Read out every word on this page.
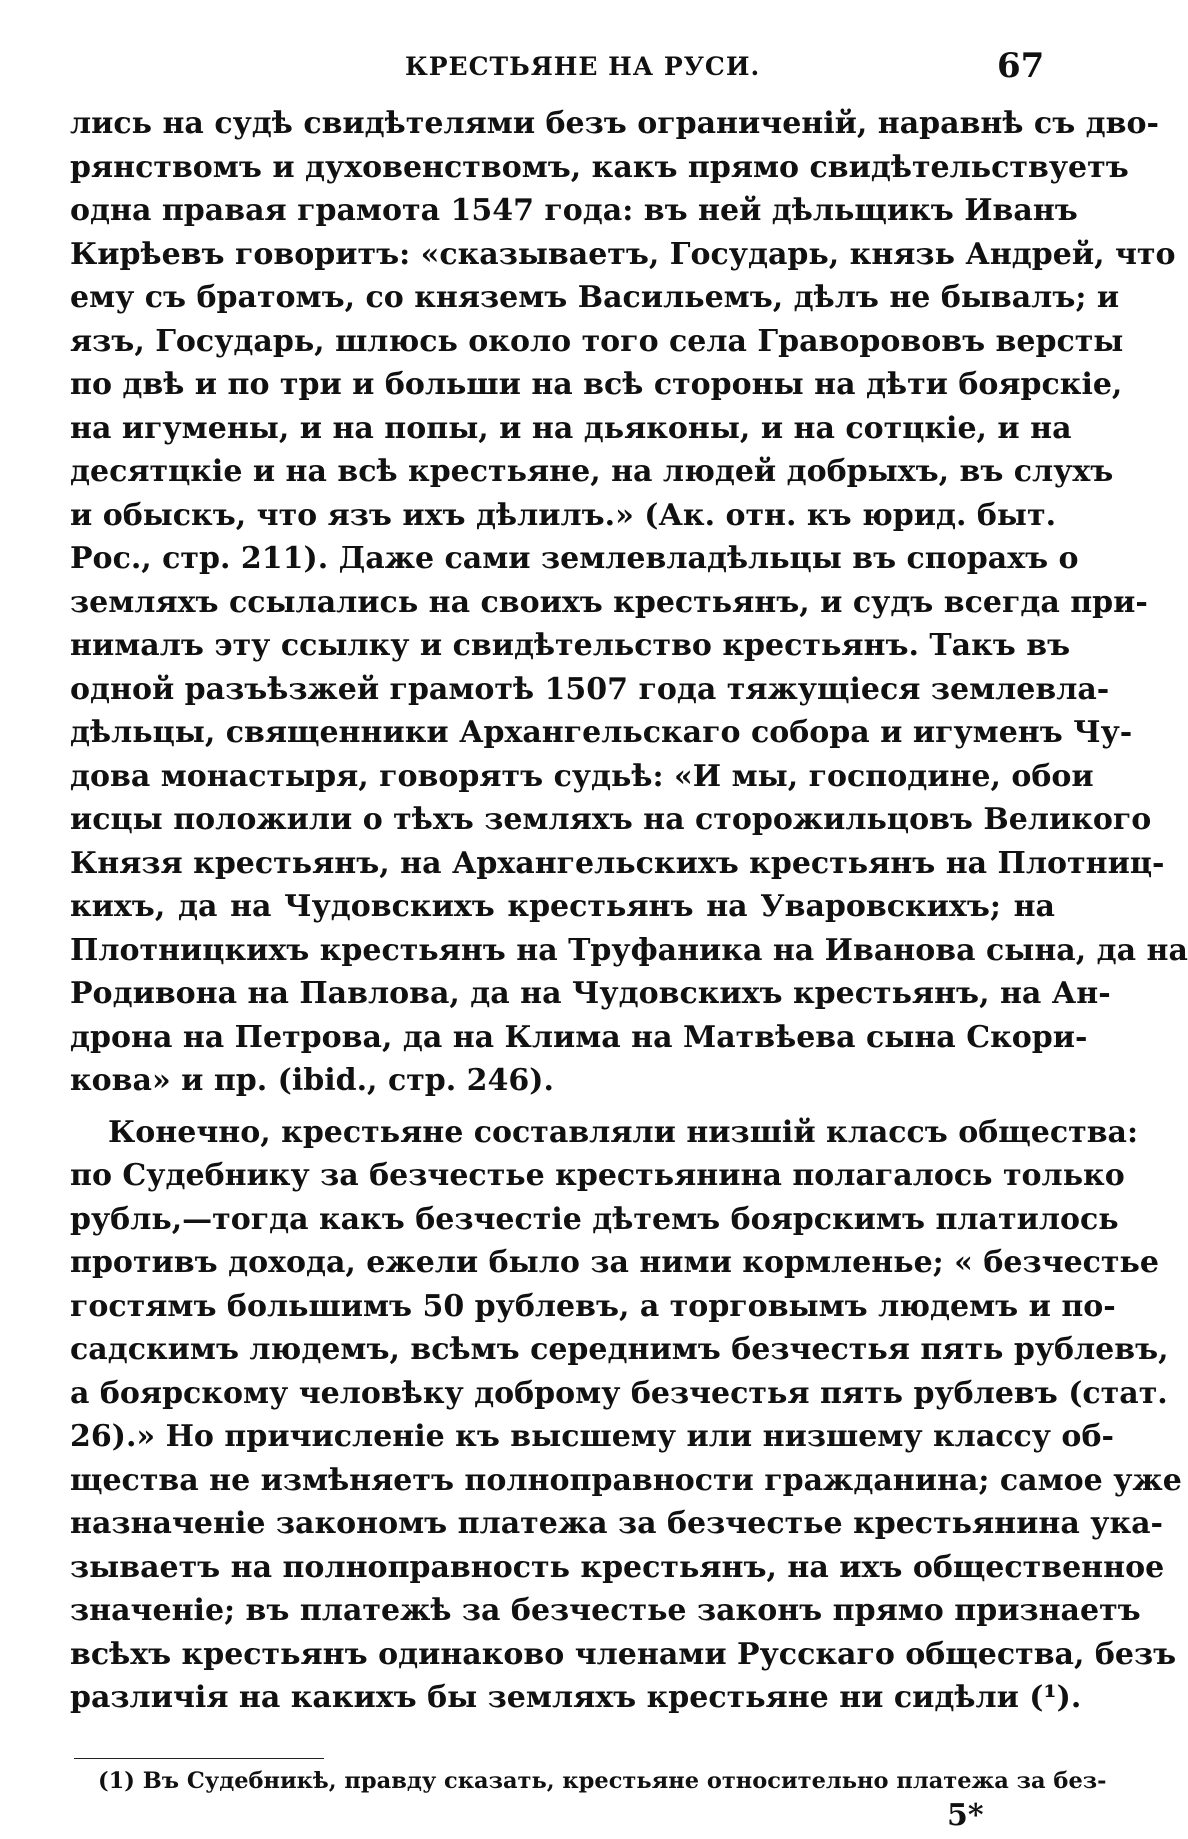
КРЕСТЬЯНЕ НА РУСИ.	67
лись на судѣ свидѣтелями безъ ограниченій, наравнѣ съ дво-
рянствомъ и духовенствомъ, какъ прямо свидѣтельствуетъ
одна правая грамота 1547 года: въ ней дѣльщикъ Иванъ
Кирѣевъ говоритъ: «сказываетъ, Государь, князь Андрей, что
ему съ братомъ, со княземъ Васильемъ, дѣлъ не бывалъ; и
язъ, Государь, шлюсь около того села Граворововъ версты
по двѣ и по три и больши на всѣ стороны на дѣти боярскіе,
на игумены, и на попы, и на дьяконы, и на сотцкіе, и на
десятцкіе и на всѣ крестьяне, на людей добрыхъ, въ слухъ
и обыскъ, что язъ ихъ дѣлилъ.» (Ак. отн. къ юрид. быт.
Рос., стр. 211). Даже сами землевладѣльцы въ спорахъ о
земляхъ ссылались на своихъ крестьянъ, и судъ всегда при-
нималъ эту ссылку и свидѣтельство крестьянъ. Такъ въ
одной разъѣзжей грамотѣ 1507 года тяжущіеся землевла-
дѣльцы, священники Архангельскаго собора и игуменъ Чу-
дова монастыря, говорятъ судьѣ: «И мы, господине, обои
исцы положили о тѣхъ земляхъ на сторожильцовъ Великого
Князя крестьянъ, на Архангельскихъ крестьянъ на Плотниц-
кихъ, да на Чудовскихъ крестьянъ на Уваровскихъ; на
Плотницкихъ крестьянъ на Труфаника на Иванова сына, да на
Родивона на Павлова, да на Чудовскихъ крестьянъ, на Ан-
дрона на Петрова, да на Клима на Матвѣева сына Скори-
кова» и пр. (ibid., стр. 246).
Конечно, крестьяне составляли низшій классъ общества:
по Судебнику за безчестье крестьянина полагалось только
рубль,—тогда какъ безчестіе дѣтемъ боярскимъ платилось
противъ дохода, ежели было за ними кормленье; « безчестье
гостямъ большимъ 50 рублевъ, а торговымъ людемъ и по-
садскимъ людемъ, всѣмъ середнимъ безчестья пять рублевъ,
а боярскому человѣку доброму безчестья пять рублевъ (стат.
26).» Но причисленіе къ высшему или низшему классу об-
щества не измѣняетъ полноправности гражданина; самое уже
назначеніе закономъ платежа за безчестье крестьянина ука-
зываетъ на полноправность крестьянъ, на ихъ общественное
значеніе; въ платежѣ за безчестье законъ прямо признаетъ
всѣхъ крестьянъ одинаково членами Русскаго общества, безъ
различія на какихъ бы земляхъ крестьяне ни сидѣли (¹).
(1) Въ Судебникѣ, правду сказать, крестьяне относительно платежа за без-
5*
